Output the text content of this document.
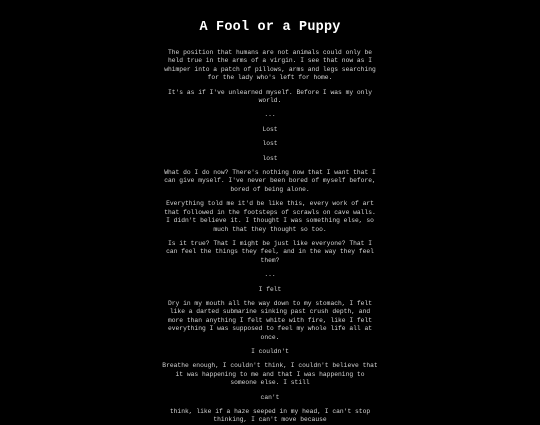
A Fool or a Puppy

The position that humans are not animals could only be held true in the arms of a virgin. I see that now as I whimper into a patch of pillows, arms and legs searching for the lady who's left for home.

It's as if I've unlearned myself. Before I was my only world.

...

Lost

lost

lost

What do I do now? There's nothing now that I want that I can give myself. I've never been bored of myself before, bored of being alone.

Everything told me it'd be like this, every work of art that followed in the footsteps of scrawls on cave walls. I didn't believe it. I thought I was something else, so much that they thought so too.

Is it true? That I might be just like everyone? That I can feel the things they feel, and in the way they feel them?

...

I felt

Dry in my mouth all the way down to my stomach, I felt like a darted submarine sinking past crush depth, and more than anything I felt white with fire, like I felt everything I was supposed to feel my whole life all at once.

I couldn't

Breathe enough, I couldn't think, I couldn't believe that it was happening to me and that I was happening to someone else. I still

can't

think, like if a haze seeped in my head, I can't stop thinking, I can't move because
